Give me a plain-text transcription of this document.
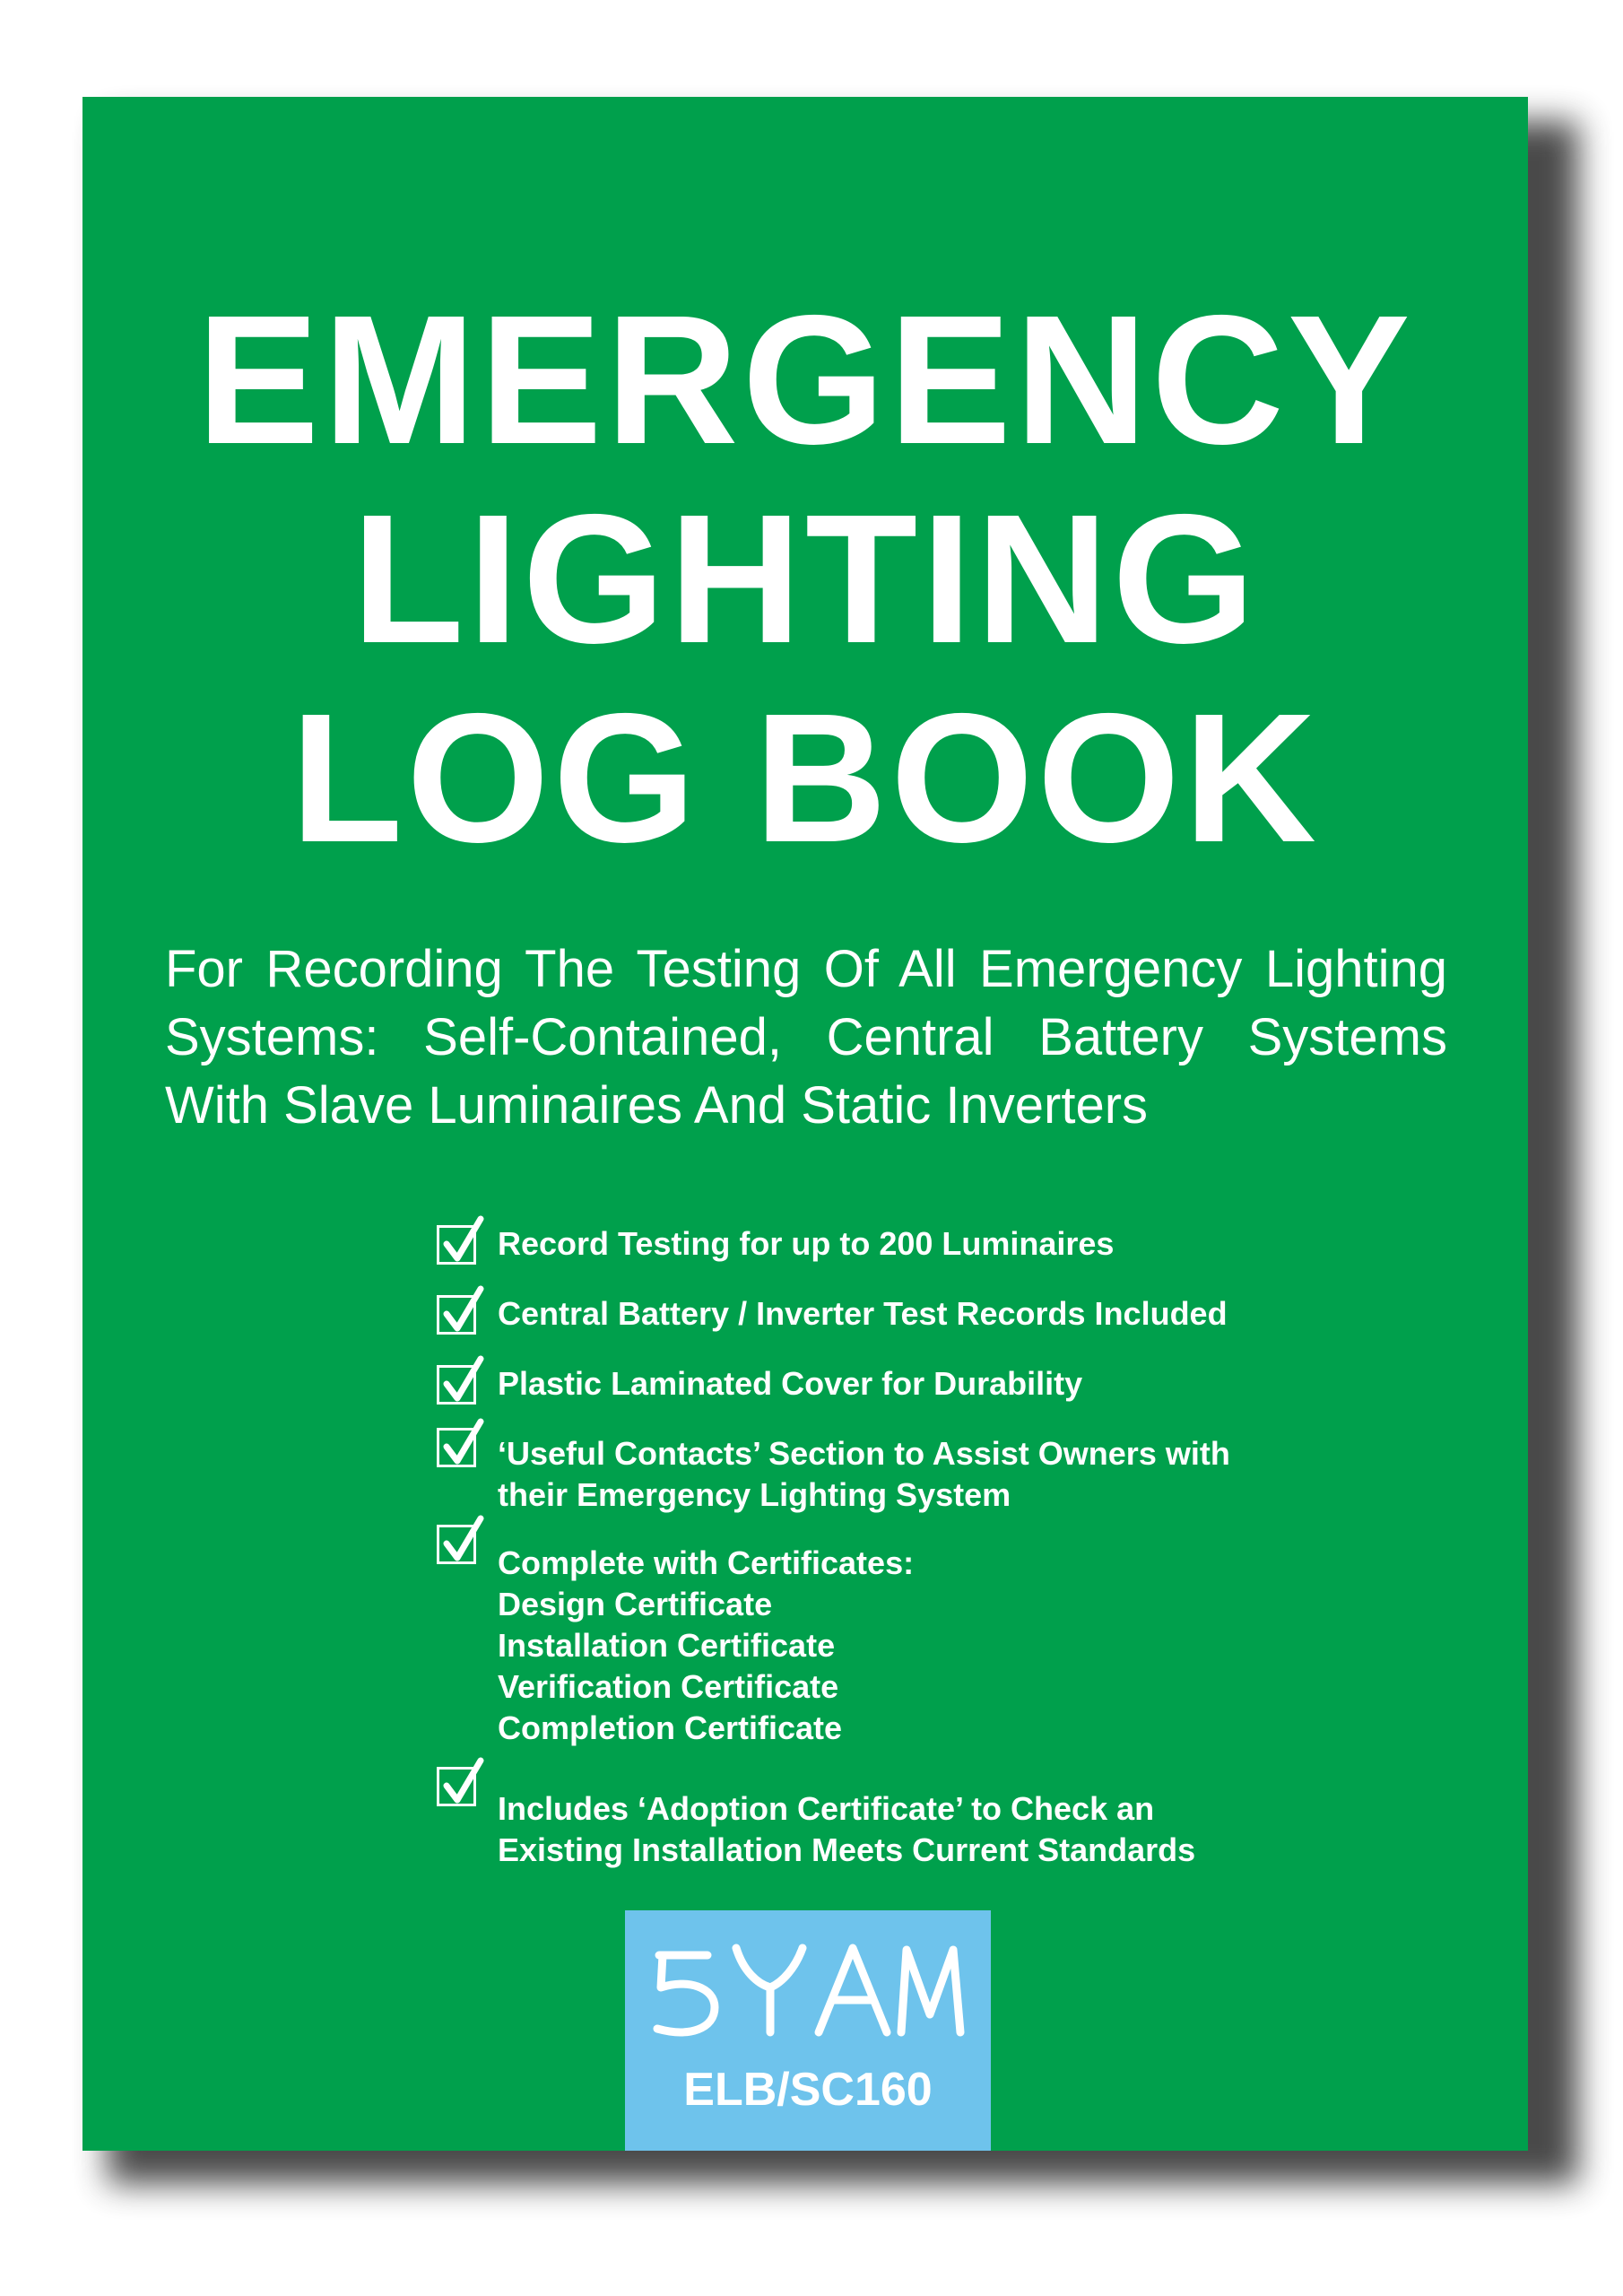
EMERGENCY
LIGHTING
LOG BOOK
For Recording The Testing Of All Emergency Lighting
Systems: Self-Contained, Central Battery Systems
With Slave Luminaires And Static Inverters
Record Testing for up to 200 Luminaires
Central Battery / Inverter Test Records Included
Plastic Laminated Cover for Durability
‘Useful Contacts’ Section to Assist Owners with
their Emergency Lighting System
Complete with Certificates:
Design Certificate
Installation Certificate
Verification Certificate
Completion Certificate
Includes ‘Adoption Certificate’ to Check an
Existing Installation Meets Current Standards
ELB/SC160
